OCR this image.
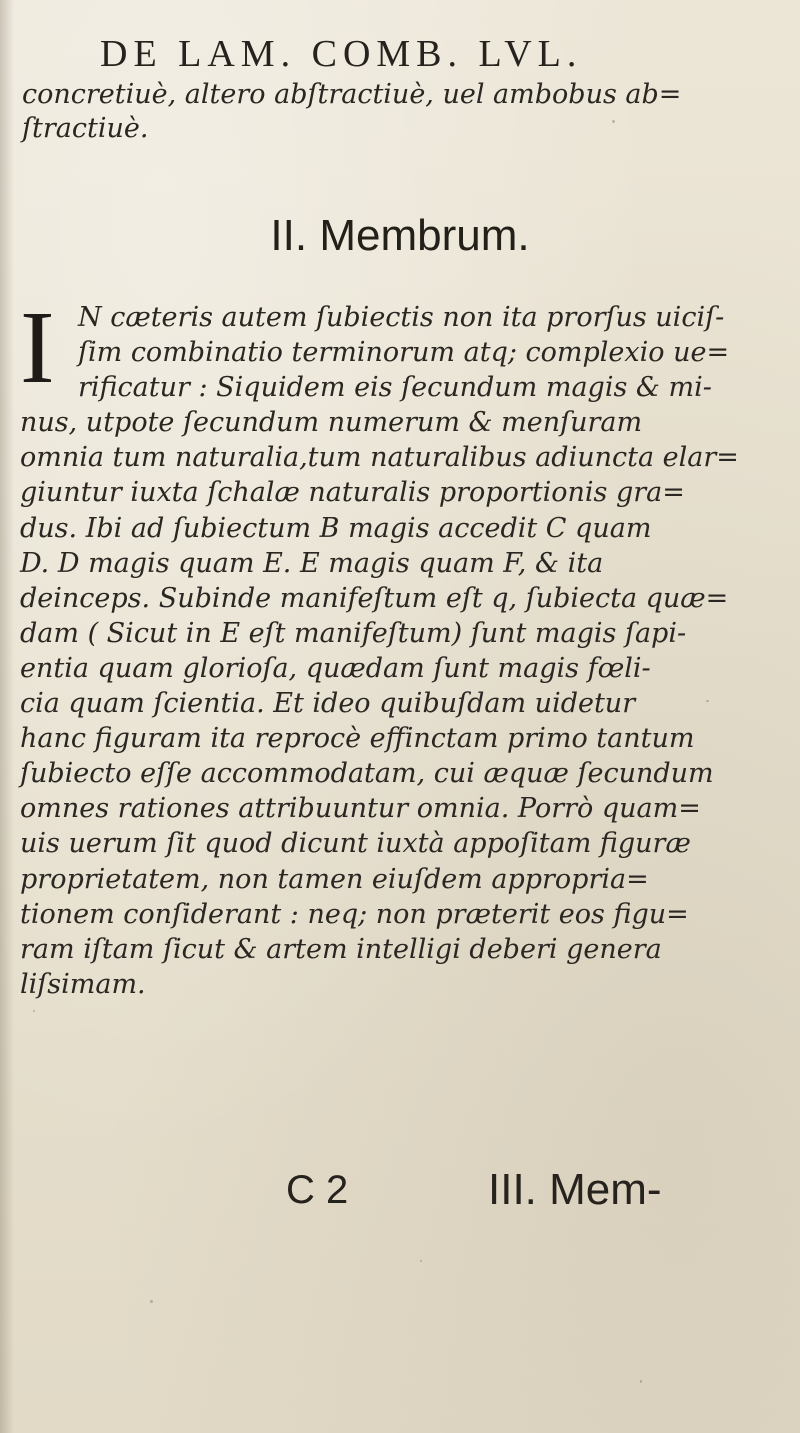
DE LAM. COMB. LVL.
concretiuè, altero abſtractiuè, uel ambobus ab=
ſtractiuè.
II. Membrum.
I N cæteris autem ſubiectis non ita prorſus uiciſ-
ſim combinatio terminorum atq; complexio ue=
rificatur : Siquidem eis ſecundum magis & mi-
nus, utpote ſecundum numerum & menſuram
omnia tum naturalia,tum naturalibus adiuncta elar=
giuntur iuxta ſchalæ naturalis proportionis gra=
dus. Ibi ad ſubiectum B magis accedit C quam
D. D magis quam E. E magis quam F, & ita
deinceps. Subinde manifeſtum eſt q, ſubiecta quæ=
dam ( Sicut in E eſt manifeſtum) ſunt magis ſapi-
entia quam glorioſa, quædam ſunt magis fœli-
cia quam ſcientia. Et ideo quibuſdam uidetur
hanc figuram ita reprocè effinctam primo tantum
ſubiecto eſſe accommodatam, cui æquæ ſecundum
omnes rationes attribuuntur omnia. Porrò quam=
uis uerum ſit quod dicunt iuxtà appoſitam figuræ
proprietatem, non tamen eiuſdem appropria=
tionem conſiderant : neq; non præterit eos figu=
ram iſtam ſicut & artem intelligi deberi genera
liſsimam.
C 2	III. Mem-
